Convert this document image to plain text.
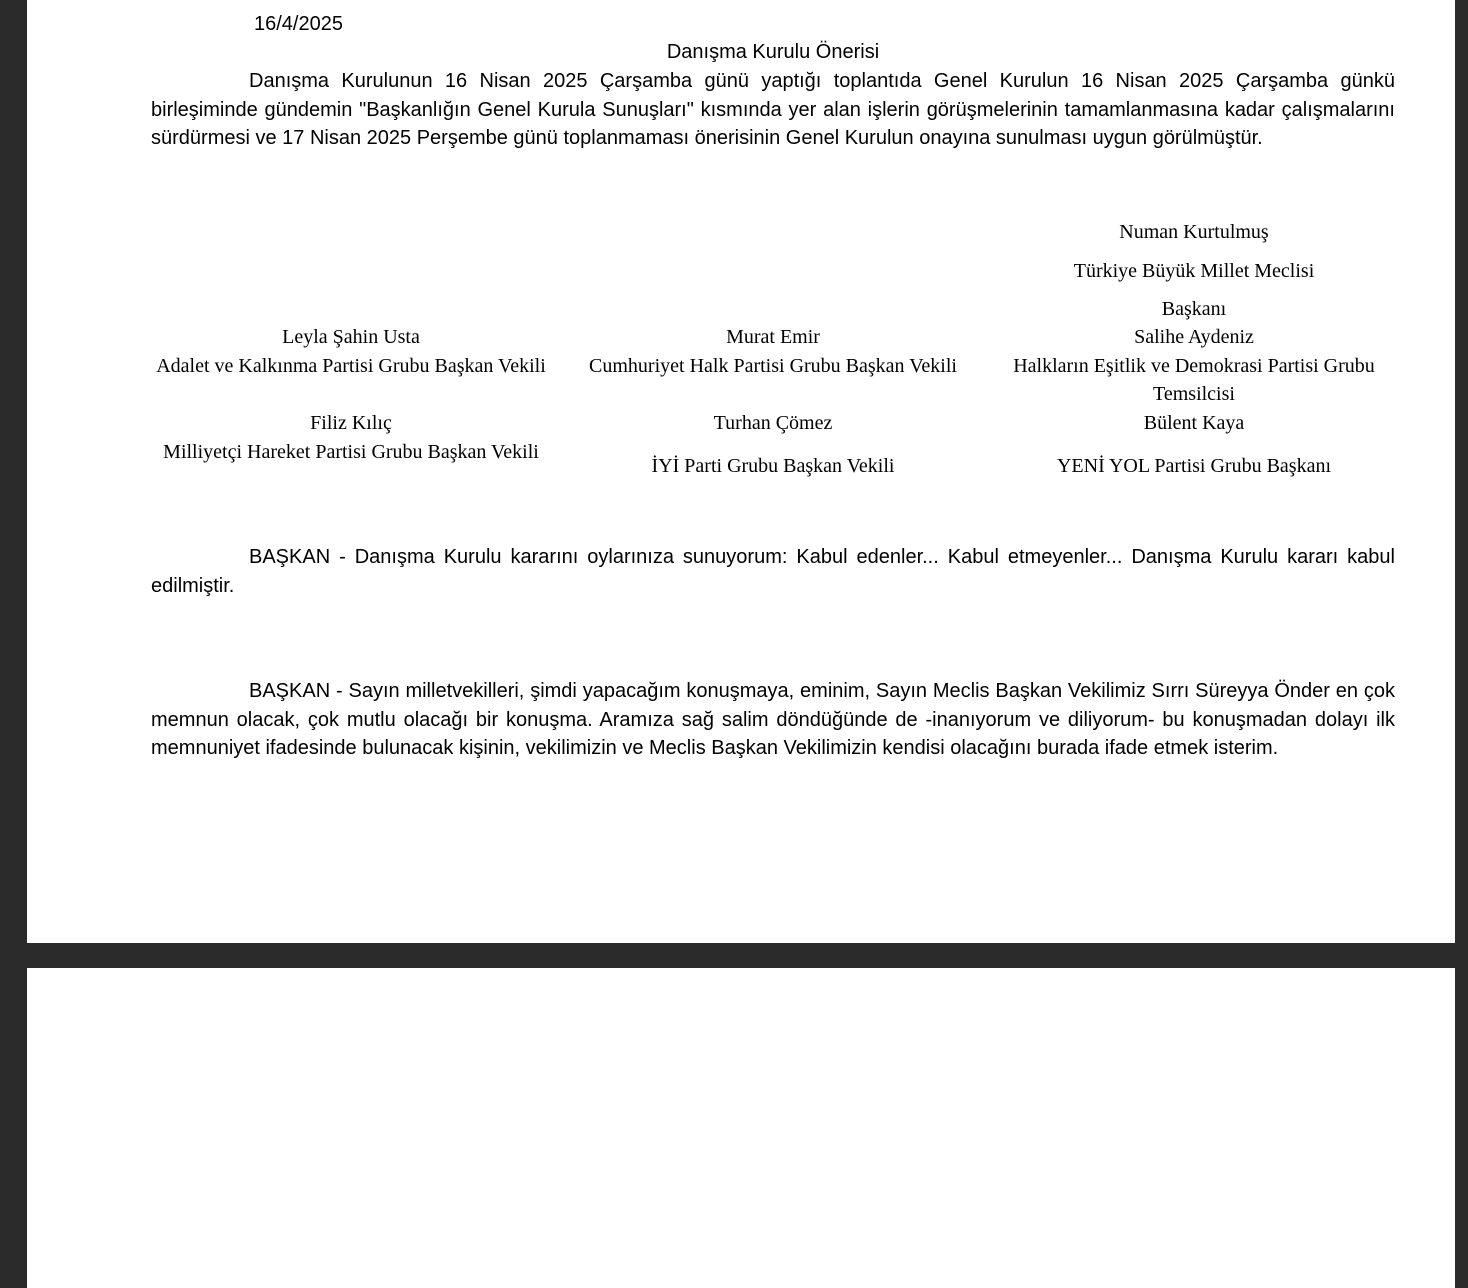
16/4/2025
Danışma Kurulu Önerisi
Danışma Kurulunun 16 Nisan 2025 Çarşamba günü yaptığı toplantıda Genel Kurulun 16 Nisan 2025 Çarşamba günkü birleşiminde gündemin "Başkanlığın Genel Kurula Sunuşları" kısmında yer alan işlerin görüşmelerinin tamamlanmasına kadar çalışmalarını sürdürmesi ve 17 Nisan 2025 Perşembe günü toplanmaması önerisinin Genel Kurulun onayına sunulması uygun görülmüştür.
Numan Kurtulmuş
Türkiye Büyük Millet Meclisi
Başkanı
Leyla Şahin Usta
Adalet ve Kalkınma Partisi Grubu Başkan Vekili
Murat Emir
Cumhuriyet Halk Partisi Grubu Başkan Vekili
Salihe Aydeniz
Halkların Eşitlik ve Demokrasi Partisi Grubu Temsilcisi
Filiz Kılıç
Milliyetçi Hareket Partisi Grubu Başkan Vekili
Turhan Çömez
İYİ Parti Grubu Başkan Vekili
Bülent Kaya
YENİ YOL Partisi Grubu Başkanı
BAŞKAN - Danışma Kurulu kararını oylarınıza sunuyorum: Kabul edenler... Kabul etmeyenler... Danışma Kurulu kararı kabul edilmiştir.
BAŞKAN - Sayın milletvekilleri, şimdi yapacağım konuşmaya, eminim, Sayın Meclis Başkan Vekilimiz Sırrı Süreyya Önder en çok memnun olacak, çok mutlu olacağı bir konuşma. Aramıza sağ salim döndüğünde de -inanıyorum ve diliyorum- bu konuşmadan dolayı ilk memnuniyet ifadesinde bulunacak kişinin, vekilimizin ve Meclis Başkan Vekilimizin kendisi olacağını burada ifade etmek isterim.
